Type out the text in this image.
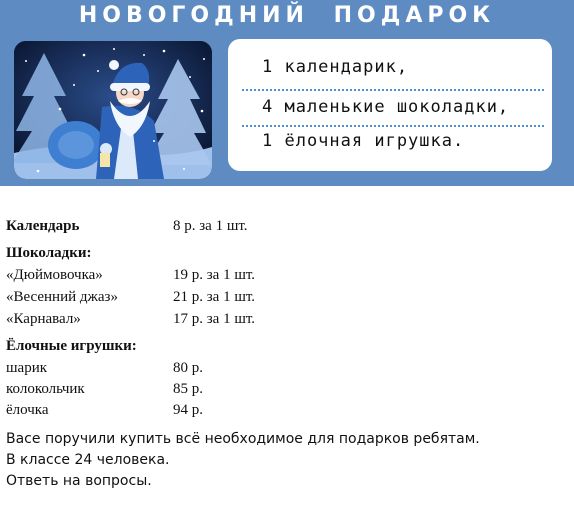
НОВОГОДНИЙ ПОДАРОК
1 календарик,
4 маленькие шоколадки,
1 ёлочная игрушка.
Календарь	8 р. за 1 шт.
Шоколадки:
«Дюймовочка»	19 р. за 1 шт.
«Весенний джаз»	21 р. за 1 шт.
«Карнавал»	17 р. за 1 шт.
Ёлочные игрушки:
шарик	80 р.
колокольчик	85 р.
ёлочка	94 р.
Васе поручили купить всё необходимое для подарков ребятам.
В классе 24 человека.
Ответь на вопросы.
